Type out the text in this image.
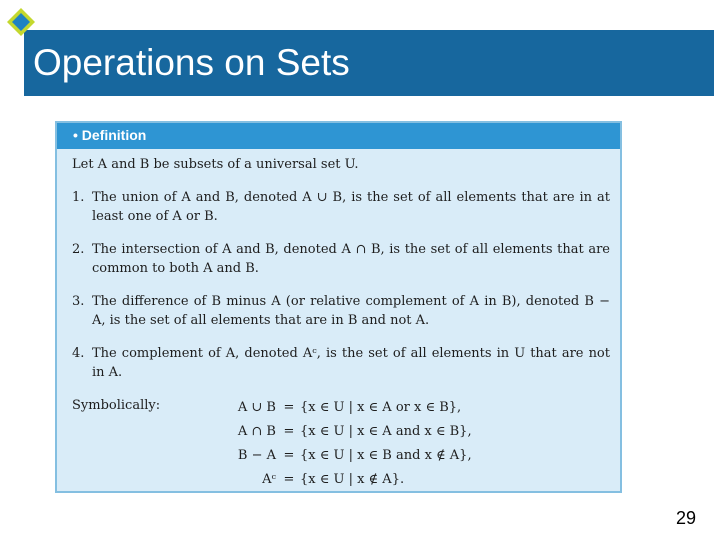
Operations on Sets
• Definition
Let A and B be subsets of a universal set U.
1. The union of A and B, denoted A ∪ B, is the set of all elements that are in at least one of A or B.
2. The intersection of A and B, denoted A ∩ B, is the set of all elements that are common to both A and B.
3. The difference of B minus A (or relative complement of A in B), denoted B − A, is the set of all elements that are in B and not A.
4. The complement of A, denoted Aᶜ, is the set of all elements in U that are not in A.
Symbolically:	A ∪ B = {x ∈ U | x ∈ A or x ∈ B},
A ∩ B = {x ∈ U | x ∈ A and x ∈ B},
B − A = {x ∈ U | x ∈ B and x ∉ A},
Aᶜ = {x ∈ U | x ∉ A}.
29
